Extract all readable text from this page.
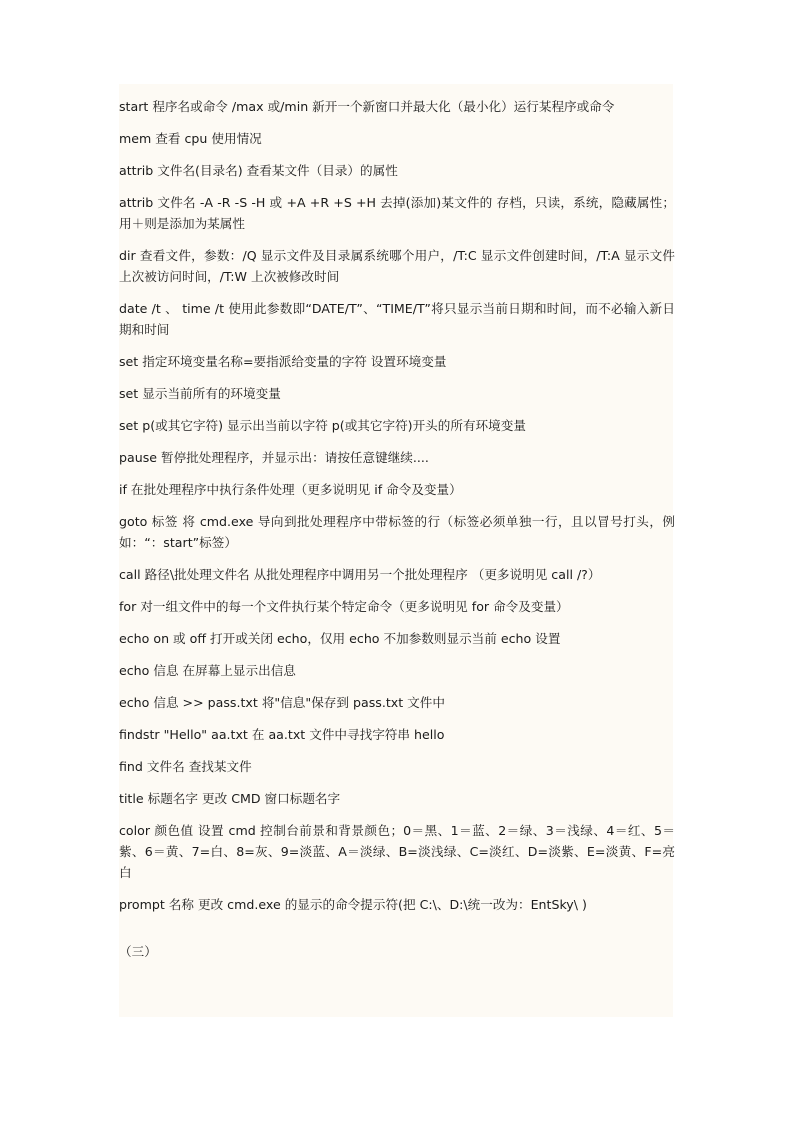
start 程序名或命令 /max 或/min 新开一个新窗口并最大化（最小化）运行某程序或命令

mem 查看 cpu 使用情况

attrib 文件名(目录名) 查看某文件（目录）的属性

attrib 文件名 -A -R -S -H 或 +A +R +S +H 去掉(添加)某文件的 存档，只读，系统，隐藏属性；用＋则是添加为某属性

dir 查看文件，参数：/Q 显示文件及目录属系统哪个用户，/T:C 显示文件创建时间，/T:A 显示文件上次被访问时间，/T:W 上次被修改时间

date /t 、 time /t 使用此参数即“DATE/T”、“TIME/T”将只显示当前日期和时间，而不必输入新日期和时间

set 指定环境变量名称=要指派给变量的字符 设置环境变量

set 显示当前所有的环境变量

set p(或其它字符) 显示出当前以字符 p(或其它字符)开头的所有环境变量

pause 暂停批处理程序，并显示出：请按任意键继续....

if 在批处理程序中执行条件处理（更多说明见 if 命令及变量）

goto 标签 将 cmd.exe 导向到批处理程序中带标签的行（标签必须单独一行，且以冒号打头，例如：“：start”标签）

call 路径\批处理文件名 从批处理程序中调用另一个批处理程序 （更多说明见 call /?）

for 对一组文件中的每一个文件执行某个特定命令（更多说明见 for 命令及变量）

echo on 或 off 打开或关闭 echo，仅用 echo 不加参数则显示当前 echo 设置

echo 信息 在屏幕上显示出信息

echo 信息 >> pass.txt 将"信息"保存到 pass.txt 文件中

findstr "Hello" aa.txt 在 aa.txt 文件中寻找字符串 hello

find 文件名 查找某文件

title 标题名字 更改 CMD 窗口标题名字

color 颜色值 设置 cmd 控制台前景和背景颜色；0＝黑、1＝蓝、2＝绿、3＝浅绿、4＝红、5＝紫、6＝黄、7=白、8=灰、9=淡蓝、A＝淡绿、B=淡浅绿、C=淡红、D=淡紫、E=淡黄、F=亮白

prompt 名称 更改 cmd.exe 的显示的命令提示符(把 C:\、D:\统一改为：EntSky\ )

（三）
